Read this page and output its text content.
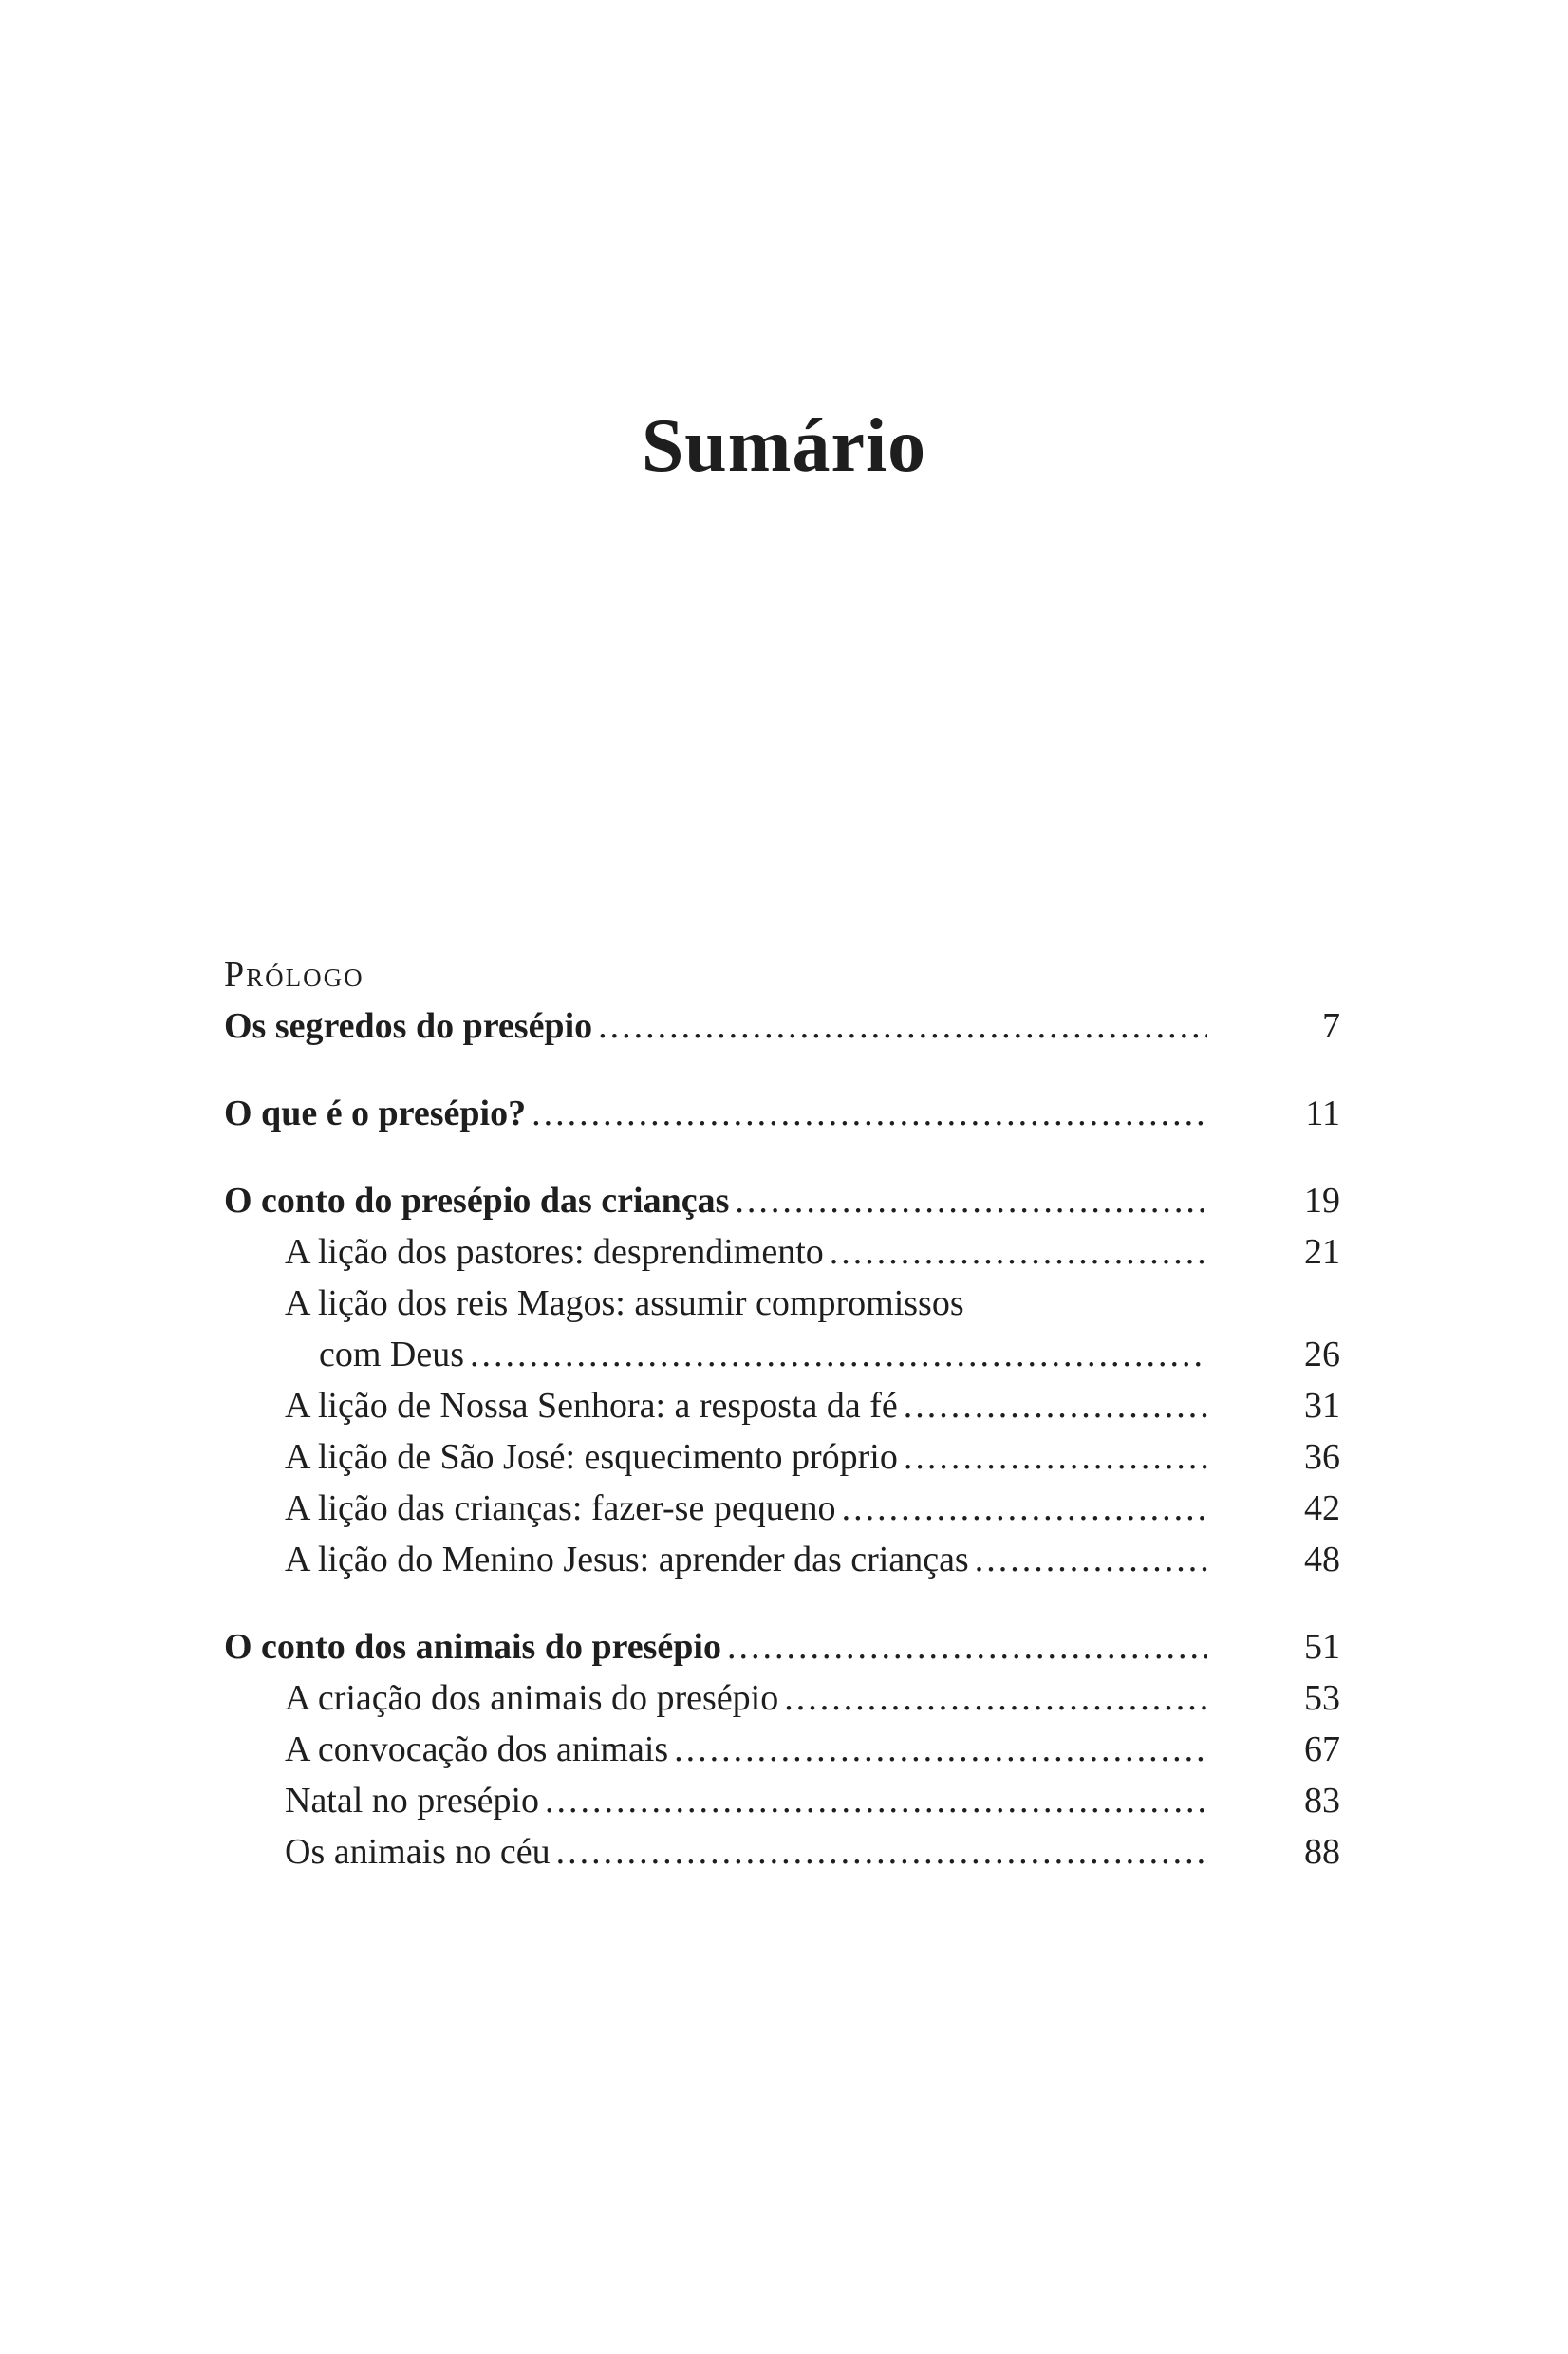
Sumário
Prólogo
Os segredos do presépio .....	7
O que é o presépio? .....	11
O conto do presépio das crianças .....	19
A lição dos pastores: desprendimento .....	21
A lição dos reis Magos: assumir compromissos
com Deus .....	26
A lição de Nossa Senhora: a resposta da fé .....	31
A lição de São José: esquecimento próprio .....	36
A lição das crianças: fazer-se pequeno .....	42
A lição do Menino Jesus: aprender das crianças .....	48
O conto dos animais do presépio .....	51
A criação dos animais do presépio .....	53
A convocação dos animais .....	67
Natal no presépio .....	83
Os animais no céu .....	88
